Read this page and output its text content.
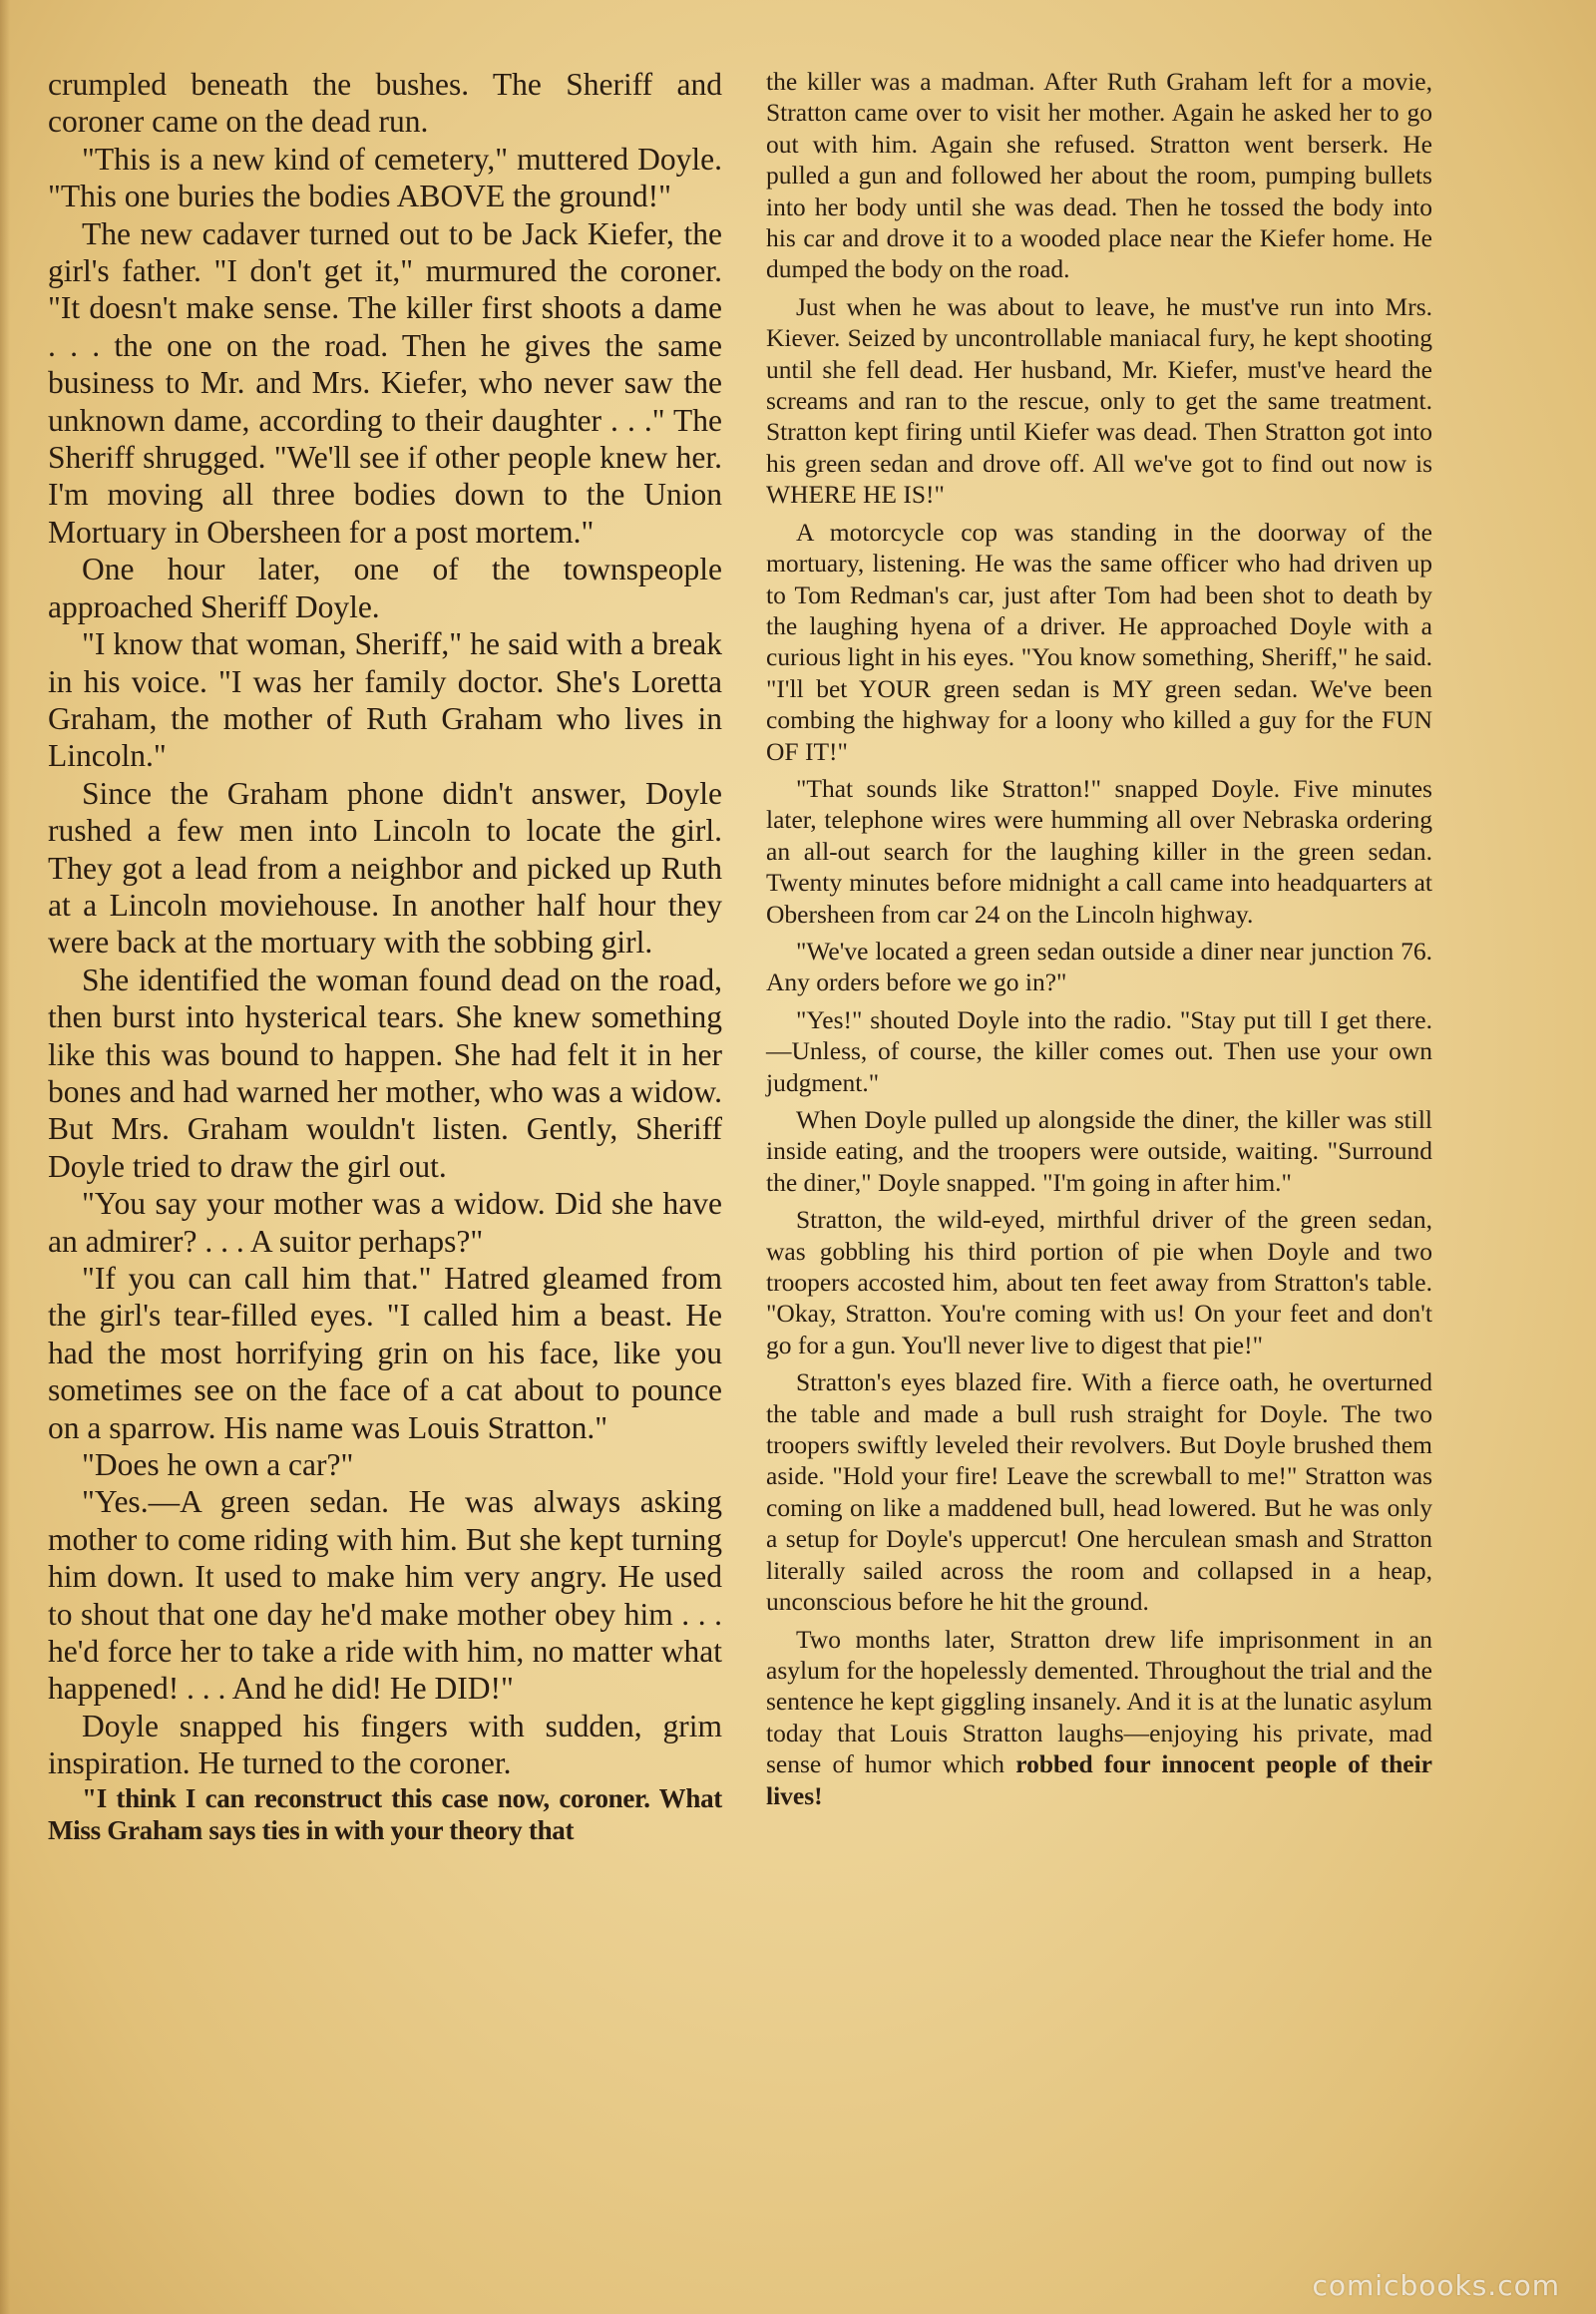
crumpled beneath the bushes. The Sheriff and coroner came on the dead run.

"This is a new kind of cemetery," muttered Doyle. "This one buries the bodies ABOVE the ground!"

The new cadaver turned out to be Jack Kiefer, the girl's father. "I don't get it," murmured the coroner. "It doesn't make sense. The killer first shoots a dame . . . the one on the road. Then he gives the same business to Mr. and Mrs. Kiefer, who never saw the unknown dame, according to their daughter . . ." The Sheriff shrugged. "We'll see if other people knew her. I'm moving all three bodies down to the Union Mortuary in Obersheen for a post mortem."

One hour later, one of the townspeople approached Sheriff Doyle.

"I know that woman, Sheriff," he said with a break in his voice. "I was her family doctor. She's Loretta Graham, the mother of Ruth Graham who lives in Lincoln."

Since the Graham phone didn't answer, Doyle rushed a few men into Lincoln to locate the girl. They got a lead from a neighbor and picked up Ruth at a Lincoln moviehouse. In another half hour they were back at the mortuary with the sobbing girl.

She identified the woman found dead on the road, then burst into hysterical tears. She knew something like this was bound to happen. She had felt it in her bones and had warned her mother, who was a widow. But Mrs. Graham wouldn't listen. Gently, Sheriff Doyle tried to draw the girl out.

"You say your mother was a widow. Did she have an admirer? . . . A suitor perhaps?"

"If you can call him that." Hatred gleamed from the girl's tear-filled eyes. "I called him a beast. He had the most horrifying grin on his face, like you sometimes see on the face of a cat about to pounce on a sparrow. His name was Louis Stratton."

"Does he own a car?"

"Yes.—A green sedan. He was always asking mother to come riding with him. But she kept turning him down. It used to make him very angry. He used to shout that one day he'd make mother obey him . . . he'd force her to take a ride with him, no matter what happened! . . . And he did! He DID!"

Doyle snapped his fingers with sudden, grim inspiration. He turned to the coroner.

"I think I can reconstruct this case now, coroner. What Miss Graham says ties in with your theory that

the killer was a madman. After Ruth Graham left for a movie, Stratton came over to visit her mother. Again he asked her to go out with him. Again she refused. Stratton went berserk. He pulled a gun and followed her about the room, pumping bullets into her body until she was dead. Then he tossed the body into his car and drove it to a wooded place near the Kiefer home. He dumped the body on the road.

Just when he was about to leave, he must've run into Mrs. Kiever. Seized by uncontrollable maniacal fury, he kept shooting until she fell dead. Her husband, Mr. Kiefer, must've heard the screams and ran to the rescue, only to get the same treatment. Stratton kept firing until Kiefer was dead. Then Stratton got into his green sedan and drove off. All we've got to find out now is WHERE HE IS!"

A motorcycle cop was standing in the doorway of the mortuary, listening. He was the same officer who had driven up to Tom Redman's car, just after Tom had been shot to death by the laughing hyena of a driver. He approached Doyle with a curious light in his eyes. "You know something, Sheriff," he said. "I'll bet YOUR green sedan is MY green sedan. We've been combing the highway for a loony who killed a guy for the FUN OF IT!"

"That sounds like Stratton!" snapped Doyle. Five minutes later, telephone wires were humming all over Nebraska ordering an all-out search for the laughing killer in the green sedan. Twenty minutes before midnight a call came into headquarters at Obersheen from car 24 on the Lincoln highway.

"We've located a green sedan outside a diner near junction 76. Any orders before we go in?"

"Yes!" shouted Doyle into the radio. "Stay put till I get there.—Unless, of course, the killer comes out. Then use your own judgment."

When Doyle pulled up alongside the diner, the killer was still inside eating, and the troopers were outside, waiting. "Surround the diner," Doyle snapped. "I'm going in after him."

Stratton, the wild-eyed, mirthful driver of the green sedan, was gobbling his third portion of pie when Doyle and two troopers accosted him, about ten feet away from Stratton's table. "Okay, Stratton. You're coming with us! On your feet and don't go for a gun. You'll never live to digest that pie!"

Stratton's eyes blazed fire. With a fierce oath, he overturned the table and made a bull rush straight for Doyle. The two troopers swiftly leveled their revolvers. But Doyle brushed them aside. "Hold your fire! Leave the screwball to me!" Stratton was coming on like a maddened bull, head lowered. But he was only a setup for Doyle's uppercut! One herculean smash and Stratton literally sailed across the room and collapsed in a heap, unconscious before he hit the ground.

Two months later, Stratton drew life imprisonment in an asylum for the hopelessly demented. Throughout the trial and the sentence he kept giggling insanely. And it is at the lunatic asylum today that Louis Stratton laughs—enjoying his private, mad sense of humor which robbed four innocent people of their lives!

comicbooks.com
